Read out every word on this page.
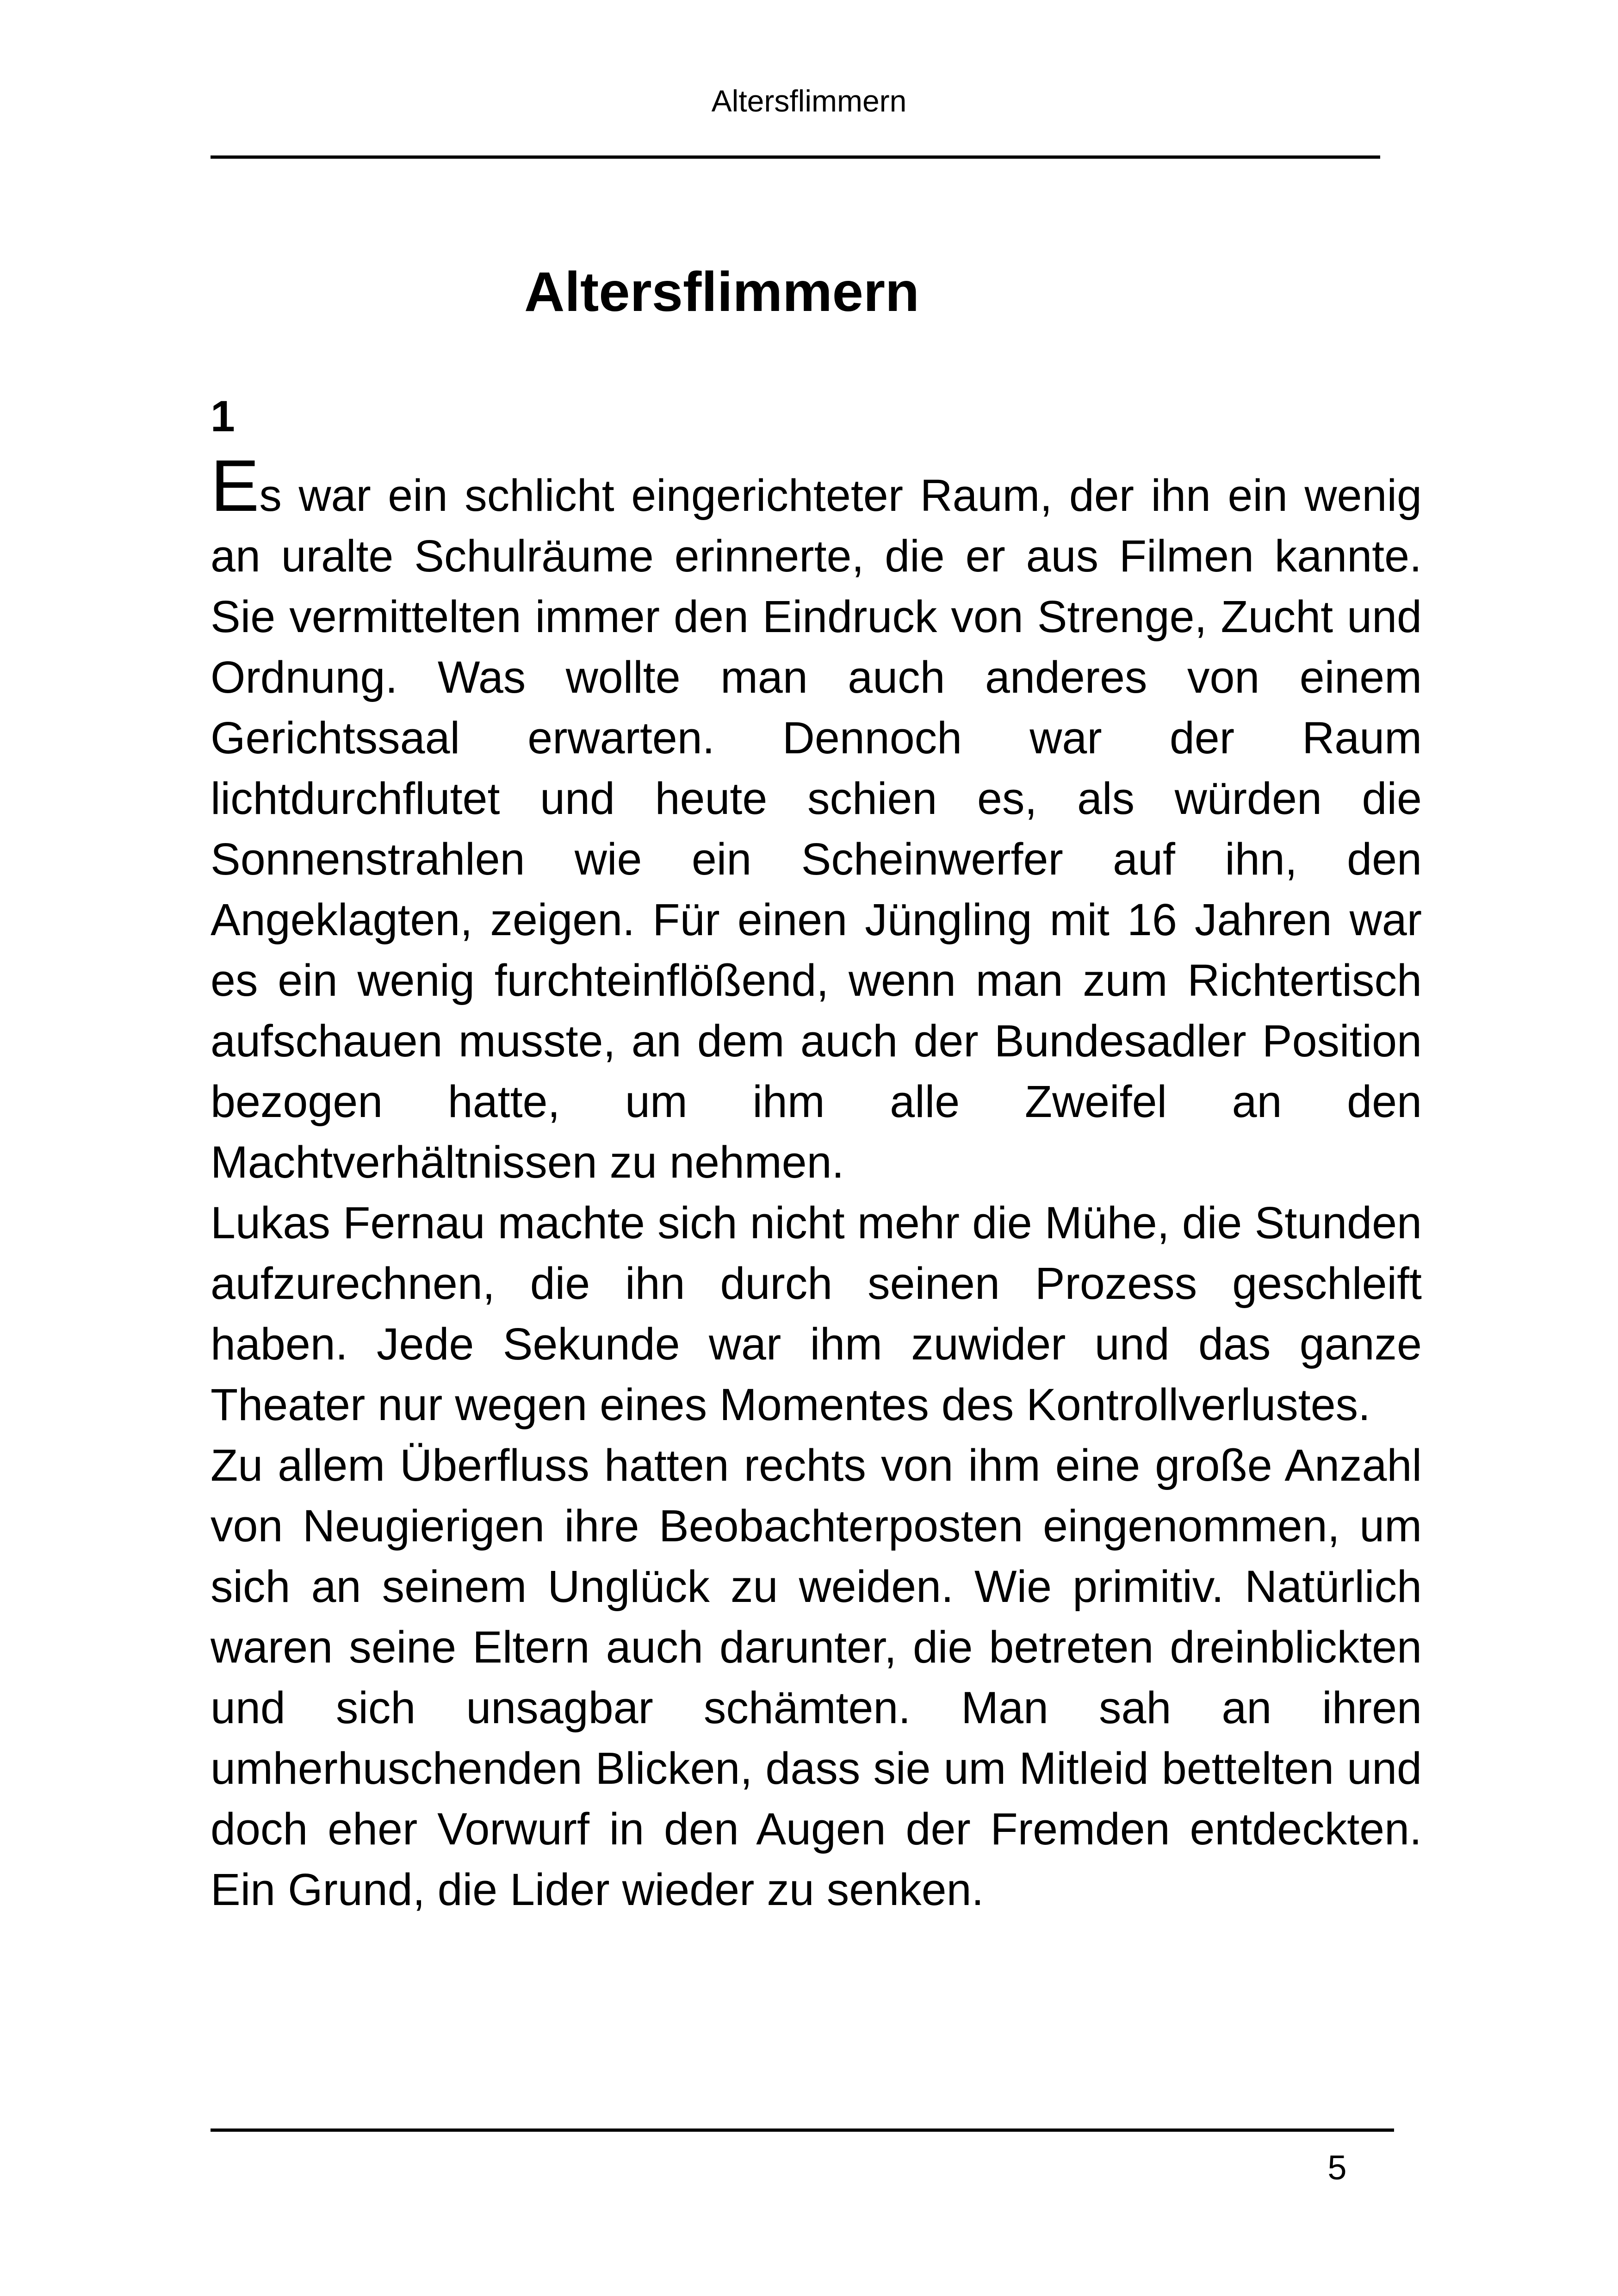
Altersflimmern
Altersflimmern
1

Es war ein schlicht eingerichteter Raum, der ihn ein wenig an uralte Schulräume erinnerte, die er aus Filmen kannte. Sie vermittelten immer den Eindruck von Strenge, Zucht und Ordnung. Was wollte man auch anderes von einem Gerichtssaal erwarten. Dennoch war der Raum lichtdurchflutet und heute schien es, als würden die Sonnenstrahlen wie ein Scheinwerfer auf ihn, den Angeklagten, zeigen. Für einen Jüngling mit 16 Jahren war es ein wenig furchteinflößend, wenn man zum Richtertisch aufschauen musste, an dem auch der Bundesadler Position bezogen hatte, um ihm alle Zweifel an den Machtverhältnissen zu nehmen.

Lukas Fernau machte sich nicht mehr die Mühe, die Stunden aufzurechnen, die ihn durch seinen Prozess geschleift haben. Jede Sekunde war ihm zuwider und das ganze Theater nur wegen eines Momentes des Kontrollverlustes.

Zu allem Überfluss hatten rechts von ihm eine große Anzahl von Neugierigen ihre Beobachterposten eingenommen, um sich an seinem Unglück zu weiden. Wie primitiv. Natürlich waren seine Eltern auch darunter, die betreten dreinblickten und sich unsagbar schämten. Man sah an ihren umherhuschenden Blicken, dass sie um Mitleid bettelten und doch eher Vorwurf in den Augen der Fremden entdeckten. Ein Grund, die Lider wieder zu senken.

5
